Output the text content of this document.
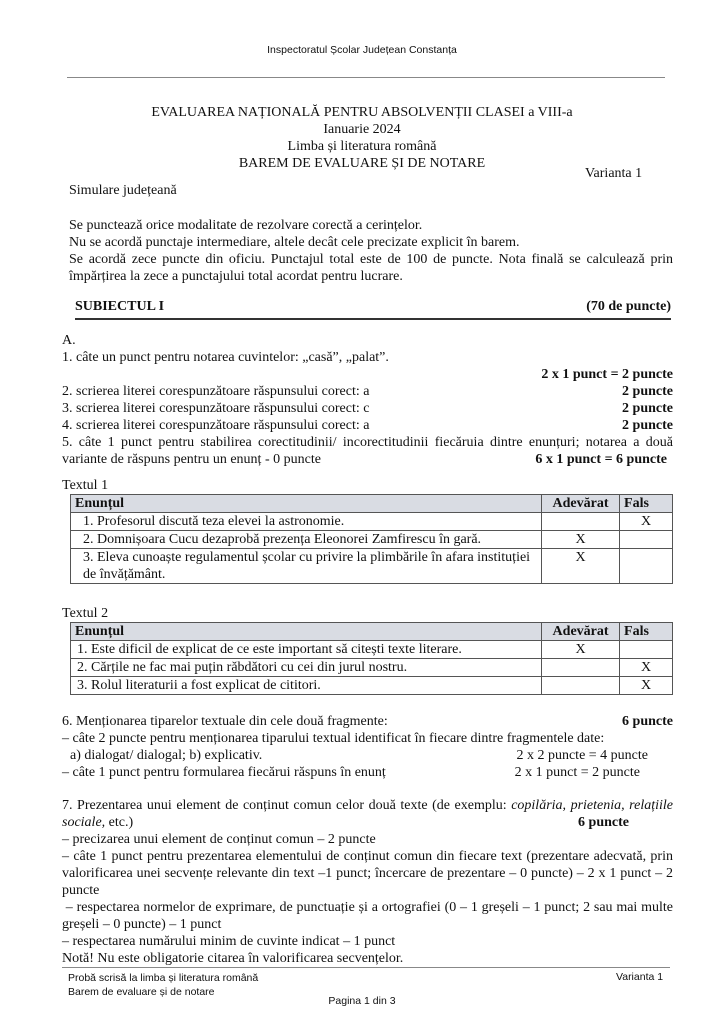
Inspectoratul Școlar Județean Constanța
EVALUAREA NAȚIONALĂ PENTRU ABSOLVENȚII CLASEI a VIII-a
Ianuarie 2024
Limba și literatura română
BAREM DE EVALUARE ȘI DE NOTARE
Varianta 1
Simulare județeană

Se punctează orice modalitate de rezolvare corectă a cerințelor.

Nu se acordă punctaje intermediare, altele decât cele precizate explicit în barem.

Se acordă zece puncte din oficiu. Punctajul total este de 100 de puncte. Nota finală se calculează prin împărțirea la zece a punctajului total acordat pentru lucrare.

SUBIECTUL I	(70 de puncte)
A.
1. câte un punct pentru notarea cuvintelor: „casă”, „palat”.
2 x 1 punct = 2 puncte
2. scrierea literei corespunzătoare răspunsului corect: a	2 puncte
3. scrierea literei corespunzătoare răspunsului corect: c	2 puncte
4. scrierea literei corespunzătoare răspunsului corect: a	2 puncte
5. câte 1 punct pentru stabilirea corectitudinii/ incorectitudinii fiecăruia dintre enunțuri; notarea a două
variante de răspuns pentru un enunț - 0 puncte	6 x 1 punct = 6 puncte
Textul 1
Enunțul	Adevărat	Fals
1. Profesorul discută teza elevei la astronomie.		X
2. Domnișoara Cucu dezaprobă prezența Eleonorei Zamfirescu în gară.	X	
3. Eleva cunoaște regulamentul școlar cu privire la plimbările în afara instituției de învățământ.	X	
Textul 2
Enunțul	Adevărat	Fals
1. Este dificil de explicat de ce este important să citești texte literare.	X	
2. Cărțile ne fac mai puțin răbdători cu cei din jurul nostru.		X
3. Rolul literaturii a fost explicat de cititori.		X
6. Menționarea tiparelor textuale din cele două fragmente:	6 puncte
– câte 2 puncte pentru menționarea tiparului textual identificat în fiecare dintre fragmentele date:
a) dialogat/ dialogal; b) explicativ.	2 x 2 puncte = 4 puncte
– câte 1 punct pentru formularea fiecărui răspuns în enunț	2 x 1 punct = 2 puncte
7. Prezentarea unui element de conținut comun celor două texte (de exemplu: copilăria, prietenia, relațiile sociale, etc.)	6 puncte
– precizarea unui element de conținut comun – 2 puncte
– câte 1 punct pentru prezentarea elementului de conținut comun din fiecare text (prezentare adecvată, prin valorificarea unei secvențe relevante din text –1 punct; încercare de prezentare – 0 puncte) – 2 x 1 punct – 2 puncte
– respectarea normelor de exprimare, de punctuație și a ortografiei (0 – 1 greșeli – 1 punct; 2 sau mai multe greșeli – 0 puncte) – 1 punct
– respectarea numărului minim de cuvinte indicat – 1 punct
Notă! Nu este obligatorie citarea în valorificarea secvențelor.
Probă scrisă la limba și literatura română
Barem de evaluare și de notare
Varianta 1
Pagina 1 din 3
